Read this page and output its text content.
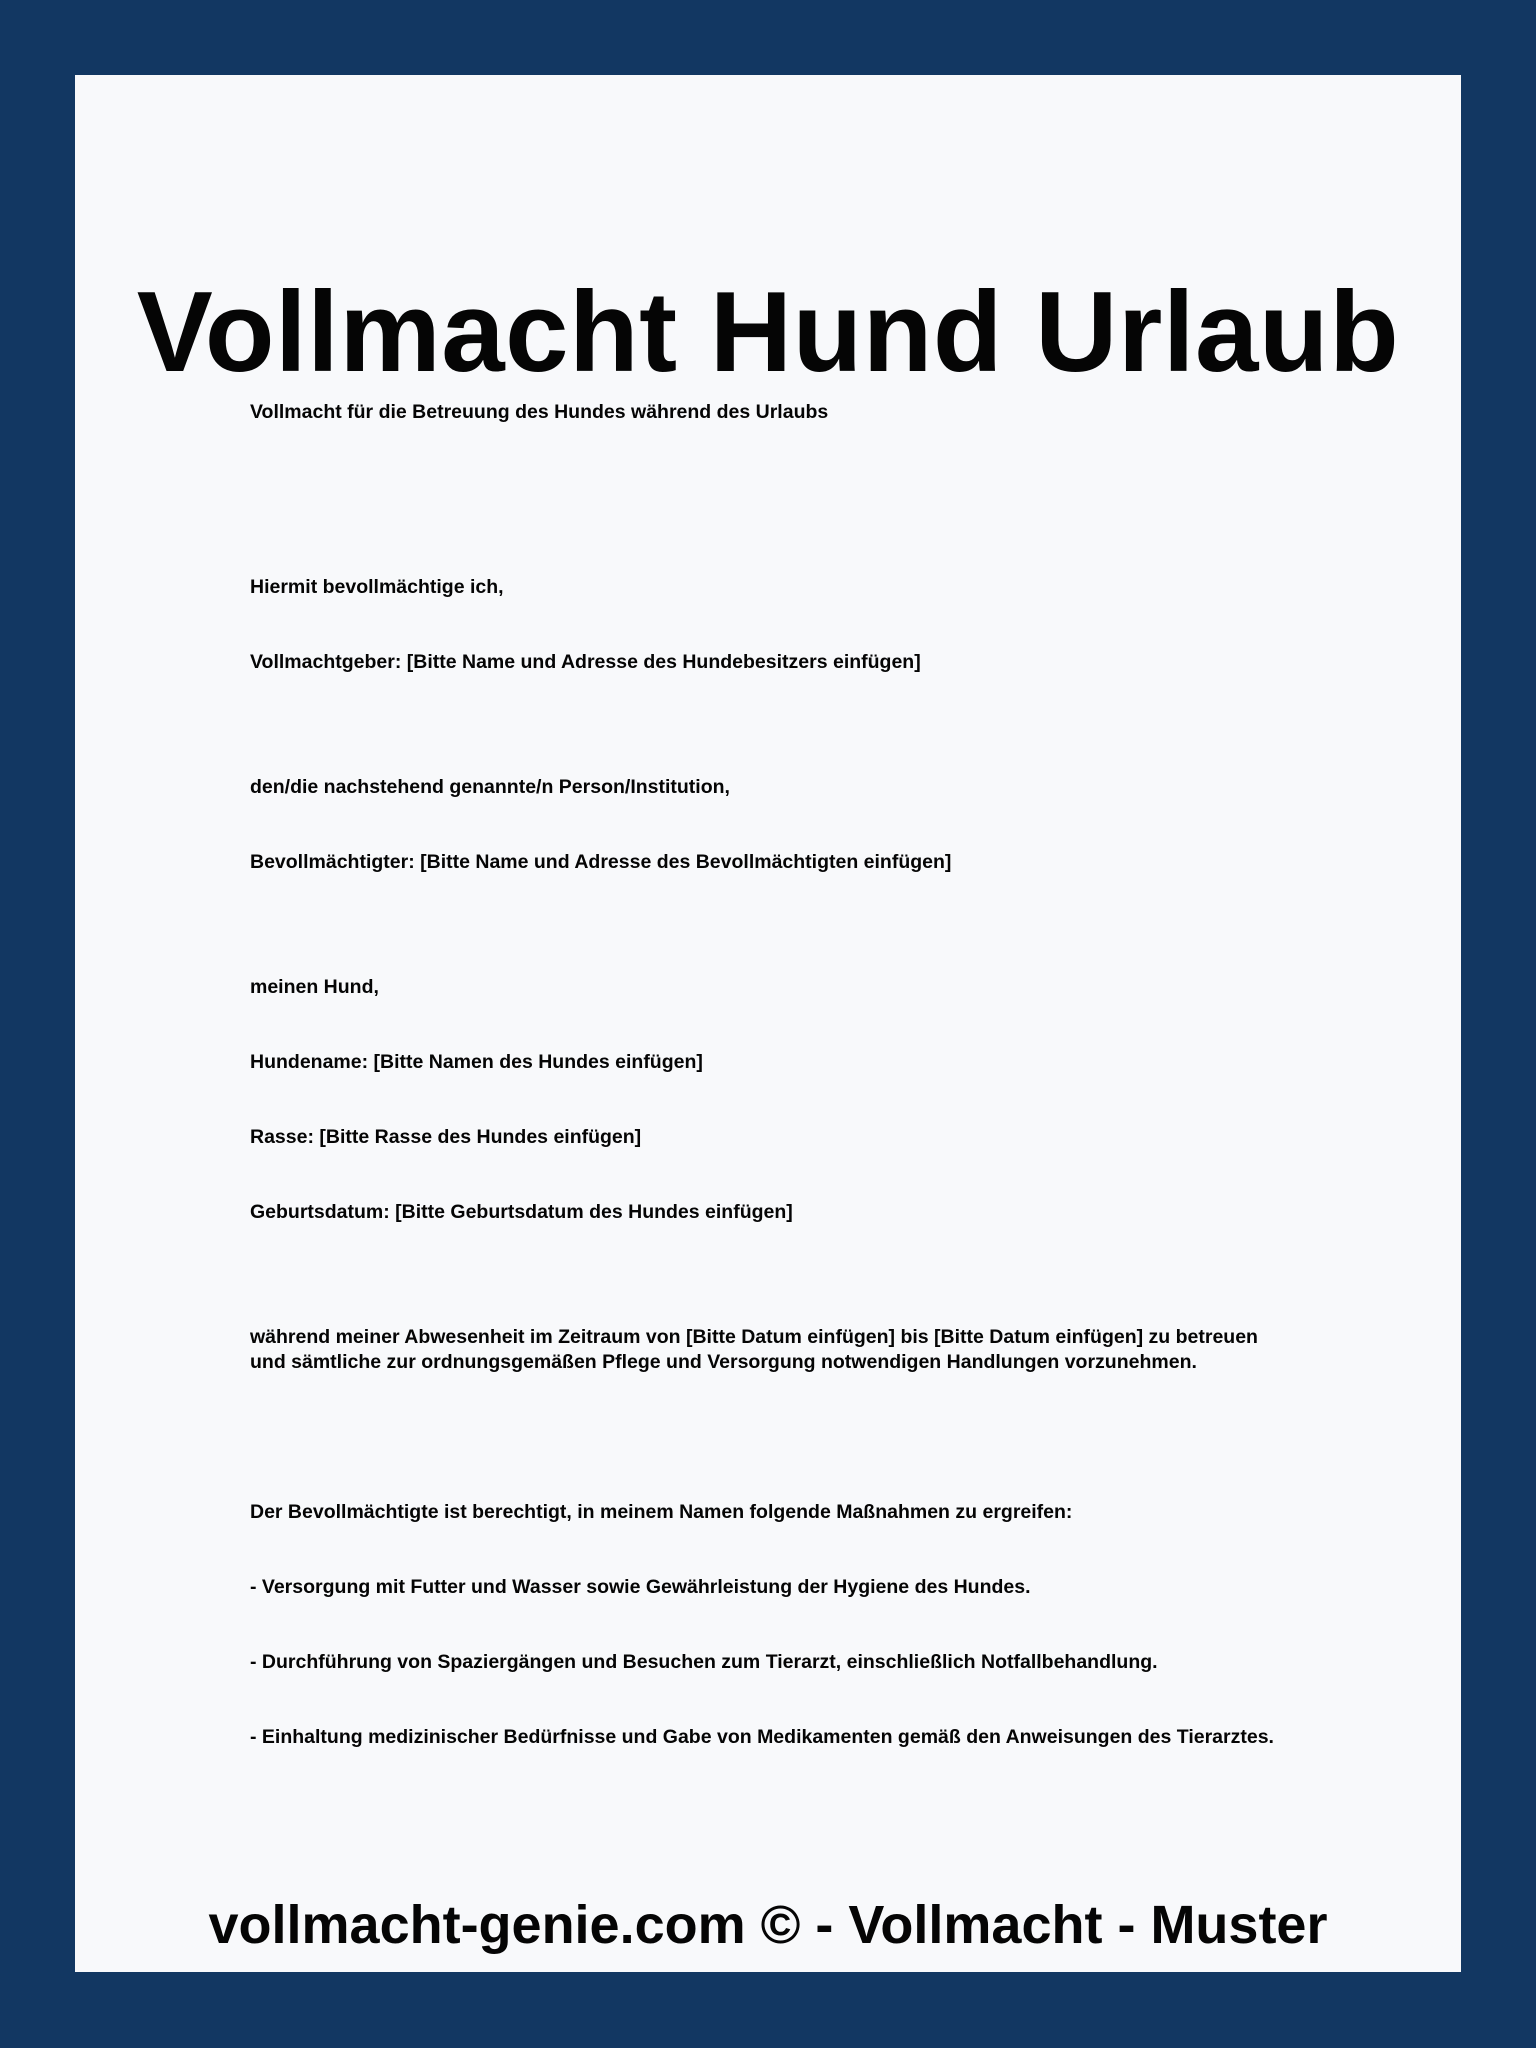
Vollmacht Hund Urlaub

Vollmacht für die Betreuung des Hundes während des Urlaubs

Hiermit bevollmächtige ich,

Vollmachtgeber: [Bitte Name und Adresse des Hundebesitzers einfügen]

den/die nachstehend genannte/n Person/Institution,

Bevollmächtigter: [Bitte Name und Adresse des Bevollmächtigten einfügen]

meinen Hund,

Hundename: [Bitte Namen des Hundes einfügen]

Rasse: [Bitte Rasse des Hundes einfügen]

Geburtsdatum: [Bitte Geburtsdatum des Hundes einfügen]

während meiner Abwesenheit im Zeitraum von [Bitte Datum einfügen] bis [Bitte Datum einfügen] zu betreuen und sämtliche zur ordnungsgemäßen Pflege und Versorgung notwendigen Handlungen vorzunehmen.

Der Bevollmächtigte ist berechtigt, in meinem Namen folgende Maßnahmen zu ergreifen:

- Versorgung mit Futter und Wasser sowie Gewährleistung der Hygiene des Hundes.

- Durchführung von Spaziergängen und Besuchen zum Tierarzt, einschließlich Notfallbehandlung.

- Einhaltung medizinischer Bedürfnisse und Gabe von Medikamenten gemäß den Anweisungen des Tierarztes.

vollmacht-genie.com © - Vollmacht - Muster
